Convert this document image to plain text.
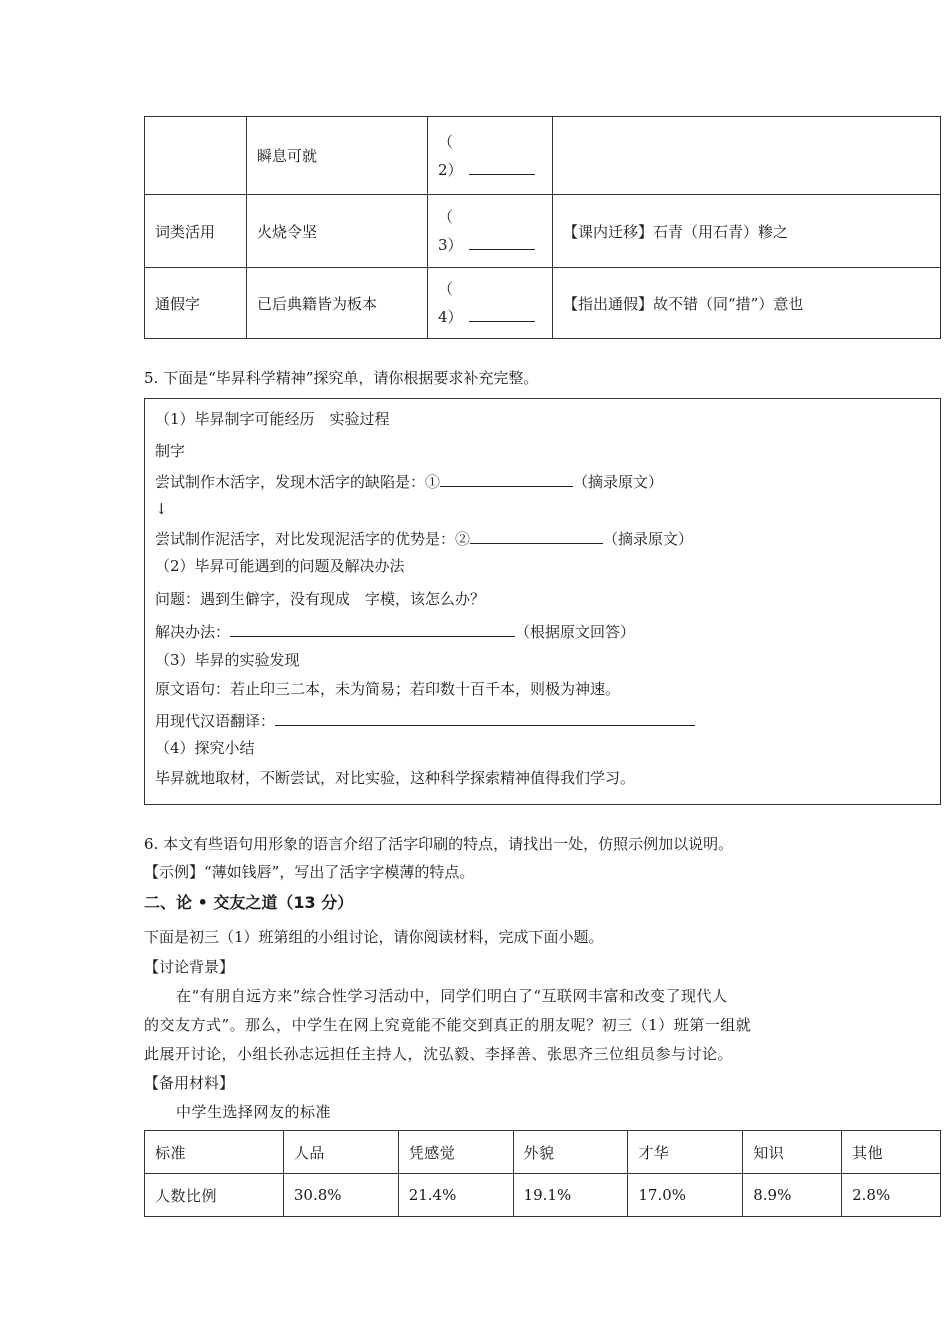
	瞬息可就	（
2）	

词类活用	火烧令坚	（
3）	【课内迁移】石青（用石青）糁之
通假字	已后典籍皆为板本	（
4）	【指出通假】故不错（同“措”）意也
5. 下面是“毕昇科学精神”探究单，请你根据要求补充完整。
（1）毕昇制字可能经历　实验过程
制字
尝试制作木活字，发现木活字的缺陷是：①	（摘录原文）
↓
尝试制作泥活字，对比发现泥活字的优势是：②	（摘录原文）
（2）毕昇可能遇到的问题及解决办法
问题：遇到生僻字，没有现成　字模，该怎么办？
解决办法：	（根据原文回答）
（3）毕昇的实验发现
原文语句：若止印三二本，未为简易；若印数十百千本，则极为神速。
用现代汉语翻译：
（4）探究小结
毕昇就地取材，不断尝试，对比实验，这种科学探索精神值得我们学习。
6. 本文有些语句用形象的语言介绍了活字印刷的特点，请找出一处，仿照示例加以说明。
【示例】“薄如钱唇”，写出了活字字模薄的特点。
二、论 • 交友之道（13 分）
下面是初三（1）班第组的小组讨论，请你阅读材料，完成下面小题。
【讨论背景】
在“有朋自远方来”综合性学习活动中，同学们明白了“互联网丰富和改变了现代人
的交友方式”。那么，中学生在网上究竟能不能交到真正的朋友呢？初三（1）班第一组就
此展开讨论，小组长孙志远担任主持人，沈弘毅、李择善、张思齐三位组员参与讨论。
【备用材料】
中学生选择网友的标准
标准	人品	凭感觉	外貌	才华	知识	其他
人数比例	30.8%	21.4%	19.1%	17.0%	8.9%	2.8%
